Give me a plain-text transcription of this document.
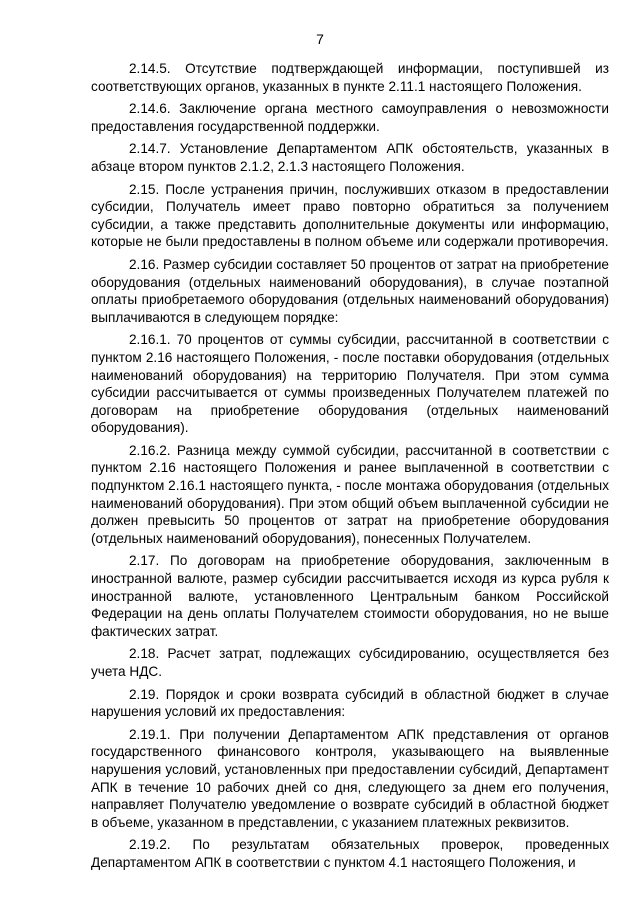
7

2.14.5. Отсутствие подтверждающей информации, поступившей из соответствующих органов, указанных в пункте 2.11.1 настоящего Положения.

2.14.6. Заключение органа местного самоуправления о невозможности предоставления государственной поддержки.

2.14.7. Установление Департаментом АПК обстоятельств, указанных в абзаце втором пунктов 2.1.2, 2.1.3 настоящего Положения.

2.15. После устранения причин, послуживших отказом в предоставлении субсидии, Получатель имеет право повторно обратиться за получением субсидии, а также представить дополнительные документы или информацию, которые не были предоставлены в полном объеме или содержали противоречия.

2.16. Размер субсидии составляет 50 процентов от затрат на приобретение оборудования (отдельных наименований оборудования), в случае поэтапной оплаты приобретаемого оборудования (отдельных наименований оборудования) выплачиваются в следующем порядке:

2.16.1. 70 процентов от суммы субсидии, рассчитанной в соответствии с пунктом 2.16 настоящего Положения, - после поставки оборудования (отдельных наименований оборудования) на территорию Получателя. При этом сумма субсидии рассчитывается от суммы произведенных Получателем платежей по договорам на приобретение оборудования (отдельных наименований оборудования).

2.16.2. Разница между суммой субсидии, рассчитанной в соответствии с пунктом 2.16 настоящего Положения и ранее выплаченной в соответствии с подпунктом 2.16.1 настоящего пункта, - после монтажа оборудования (отдельных наименований оборудования). При этом общий объем выплаченной субсидии не должен превысить 50 процентов от затрат на приобретение оборудования (отдельных наименований оборудования), понесенных Получателем.

2.17. По договорам на приобретение оборудования, заключенным в иностранной валюте, размер субсидии рассчитывается исходя из курса рубля к иностранной валюте, установленного Центральным банком Российской Федерации на день оплаты Получателем стоимости оборудования, но не выше фактических затрат.

2.18. Расчет затрат, подлежащих субсидированию, осуществляется без учета НДС.

2.19. Порядок и сроки возврата субсидий в областной бюджет в случае нарушения условий их предоставления:

2.19.1. При получении Департаментом АПК представления от органов государственного финансового контроля, указывающего на выявленные нарушения условий, установленных при предоставлении субсидий, Департамент АПК в течение 10 рабочих дней со дня, следующего за днем его получения, направляет Получателю уведомление о возврате субсидий в областной бюджет в объеме, указанном в представлении, с указанием платежных реквизитов.

2.19.2. По результатам обязательных проверок, проведенных Департаментом АПК в соответствии с пунктом 4.1 настоящего Положения, и
